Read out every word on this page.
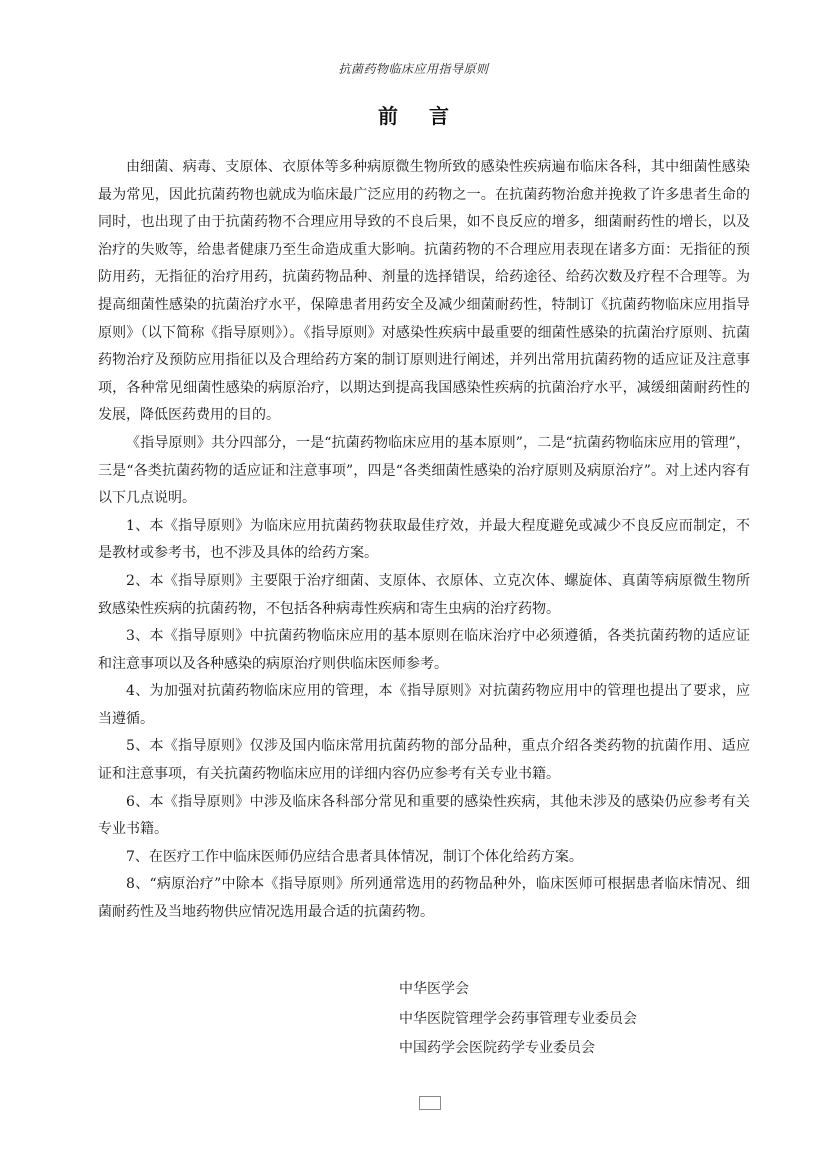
抗菌药物临床应用指导原则
前 言

由细菌、病毒、支原体、衣原体等多种病原微生物所致的感染性疾病遍布临床各科，其中细菌性感染最为常见，因此抗菌药物也就成为临床最广泛应用的药物之一。在抗菌药物治愈并挽救了许多患者生命的同时，也出现了由于抗菌药物不合理应用导致的不良后果，如不良反应的增多，细菌耐药性的增长，以及治疗的失败等，给患者健康乃至生命造成重大影响。抗菌药物的不合理应用表现在诸多方面：无指征的预防用药，无指征的治疗用药，抗菌药物品种、剂量的选择错误，给药途径、给药次数及疗程不合理等。为提高细菌性感染的抗菌治疗水平，保障患者用药安全及减少细菌耐药性，特制订《抗菌药物临床应用指导原则》（以下简称《指导原则》）。《指导原则》对感染性疾病中最重要的细菌性感染的抗菌治疗原则、抗菌药物治疗及预防应用指征以及合理给药方案的制订原则进行阐述，并列出常用抗菌药物的适应证及注意事项，各种常见细菌性感染的病原治疗，以期达到提高我国感染性疾病的抗菌治疗水平，减缓细菌耐药性的发展，降低医药费用的目的。

《指导原则》共分四部分，一是“抗菌药物临床应用的基本原则”，二是“抗菌药物临床应用的管理”，三是“各类抗菌药物的适应证和注意事项”，四是“各类细菌性感染的治疗原则及病原治疗”。对上述内容有以下几点说明。

1、本《指导原则》为临床应用抗菌药物获取最佳疗效，并最大程度避免或减少不良反应而制定，不是教材或参考书，也不涉及具体的给药方案。

2、本《指导原则》主要限于治疗细菌、支原体、衣原体、立克次体、螺旋体、真菌等病原微生物所致感染性疾病的抗菌药物，不包括各种病毒性疾病和寄生虫病的治疗药物。

3、本《指导原则》中抗菌药物临床应用的基本原则在临床治疗中必须遵循，各类抗菌药物的适应证和注意事项以及各种感染的病原治疗则供临床医师参考。

4、为加强对抗菌药物临床应用的管理，本《指导原则》对抗菌药物应用中的管理也提出了要求，应当遵循。

5、本《指导原则》仅涉及国内临床常用抗菌药物的部分品种，重点介绍各类药物的抗菌作用、适应证和注意事项，有关抗菌药物临床应用的详细内容仍应参考有关专业书籍。

6、本《指导原则》中涉及临床各科部分常见和重要的感染性疾病，其他未涉及的感染仍应参考有关专业书籍。

7、在医疗工作中临床医师仍应结合患者具体情况，制订个体化给药方案。

8、“病原治疗”中除本《指导原则》所列通常选用的药物品种外，临床医师可根据患者临床情况、细菌耐药性及当地药物供应情况选用最合适的抗菌药物。

中华医学会
中华医院管理学会药事管理专业委员会
中国药学会医院药学专业委员会
